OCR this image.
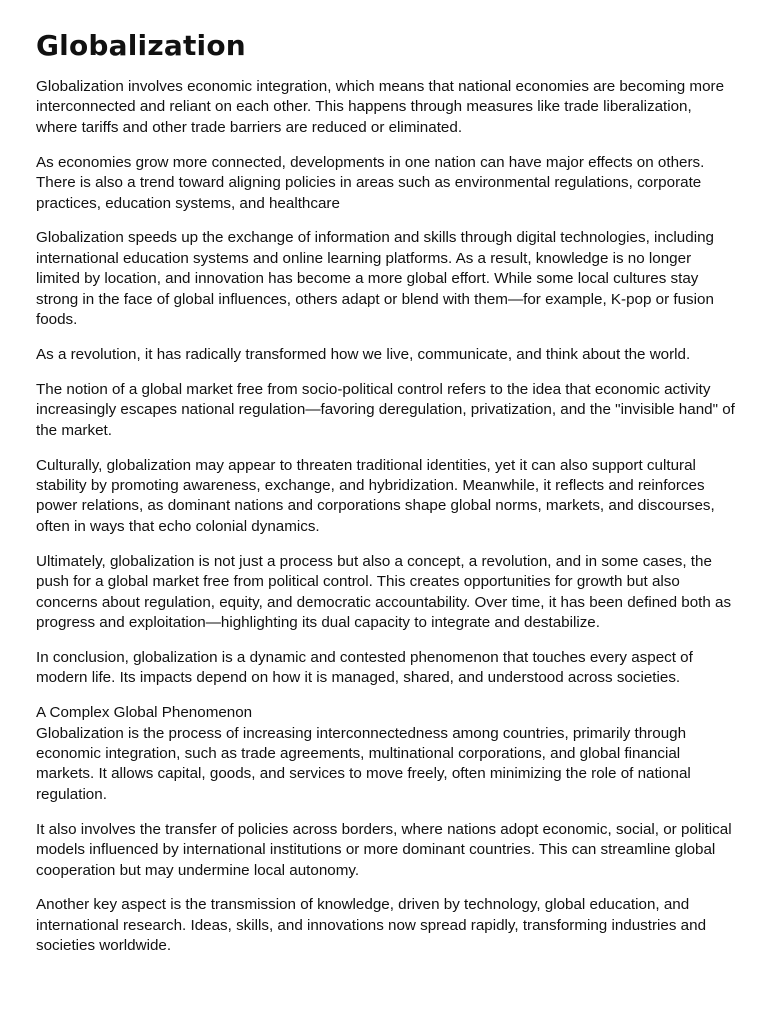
Globalization

Globalization involves economic integration, which means that national economies are becoming more interconnected and reliant on each other. This happens through measures like trade liberalization, where tariffs and other trade barriers are reduced or eliminated.

As economies grow more connected, developments in one nation can have major effects on others. There is also a trend toward aligning policies in areas such as environmental regulations, corporate practices, education systems, and healthcare

Globalization speeds up the exchange of information and skills through digital technologies, including international education systems and online learning platforms. As a result, knowledge is no longer limited by location, and innovation has become a more global effort. While some local cultures stay strong in the face of global influences, others adapt or blend with them—for example, K-pop or fusion foods.

As a revolution, it has radically transformed how we live, communicate, and think about the world.

The notion of a global market free from socio-political control refers to the idea that economic activity increasingly escapes national regulation—favoring deregulation, privatization, and the "invisible hand" of the market.

Culturally, globalization may appear to threaten traditional identities, yet it can also support cultural stability by promoting awareness, exchange, and hybridization. Meanwhile, it reflects and reinforces power relations, as dominant nations and corporations shape global norms, markets, and discourses, often in ways that echo colonial dynamics.

Ultimately, globalization is not just a process but also a concept, a revolution, and in some cases, the push for a global market free from political control. This creates opportunities for growth but also concerns about regulation, equity, and democratic accountability. Over time, it has been defined both as progress and exploitation—highlighting its dual capacity to integrate and destabilize.

In conclusion, globalization is a dynamic and contested phenomenon that touches every aspect of modern life. Its impacts depend on how it is managed, shared, and understood across societies.

A Complex Global Phenomenon

Globalization is the process of increasing interconnectedness among countries, primarily through economic integration, such as trade agreements, multinational corporations, and global financial markets. It allows capital, goods, and services to move freely, often minimizing the role of national regulation.

It also involves the transfer of policies across borders, where nations adopt economic, social, or political models influenced by international institutions or more dominant countries. This can streamline global cooperation but may undermine local autonomy.

Another key aspect is the transmission of knowledge, driven by technology, global education, and international research. Ideas, skills, and innovations now spread rapidly, transforming industries and societies worldwide.
